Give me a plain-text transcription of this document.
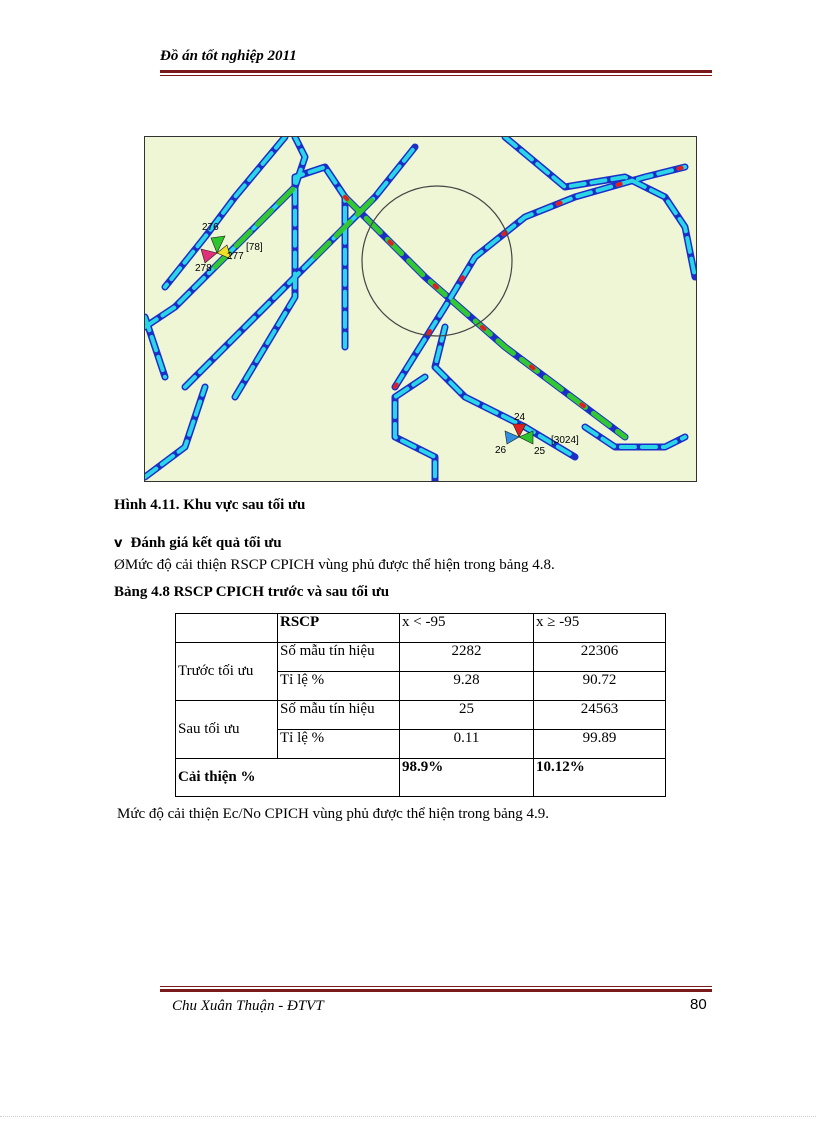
Đồ án tốt nghiệp 2011
276
277
[78]
278
24
[3024]
25
26
Hình 4.11. Khu vực sau tối ưu
v Đánh giá kết quả tối ưu
ØMức độ cải thiện RSCP CPICH vùng phủ được thể hiện trong bảng 4.8.
Bảng 4.8 RSCP CPICH trước và sau tối ưu
	RSCP	x < -95	x ≥ -95
Trước tối ưu	Số mẫu tín hiệu	2282	22306
	Tỉ lệ %	9.28	90.72
Sau tối ưu	Số mẫu tín hiệu	25	24563
	Tỉ lệ %	0.11	99.89
Cải thiện %		98.9%	10.12%
Mức độ cải thiện Ec/No CPICH vùng phủ được thể hiện trong bảng 4.9.
Chu Xuân Thuận - ĐTVT	80
